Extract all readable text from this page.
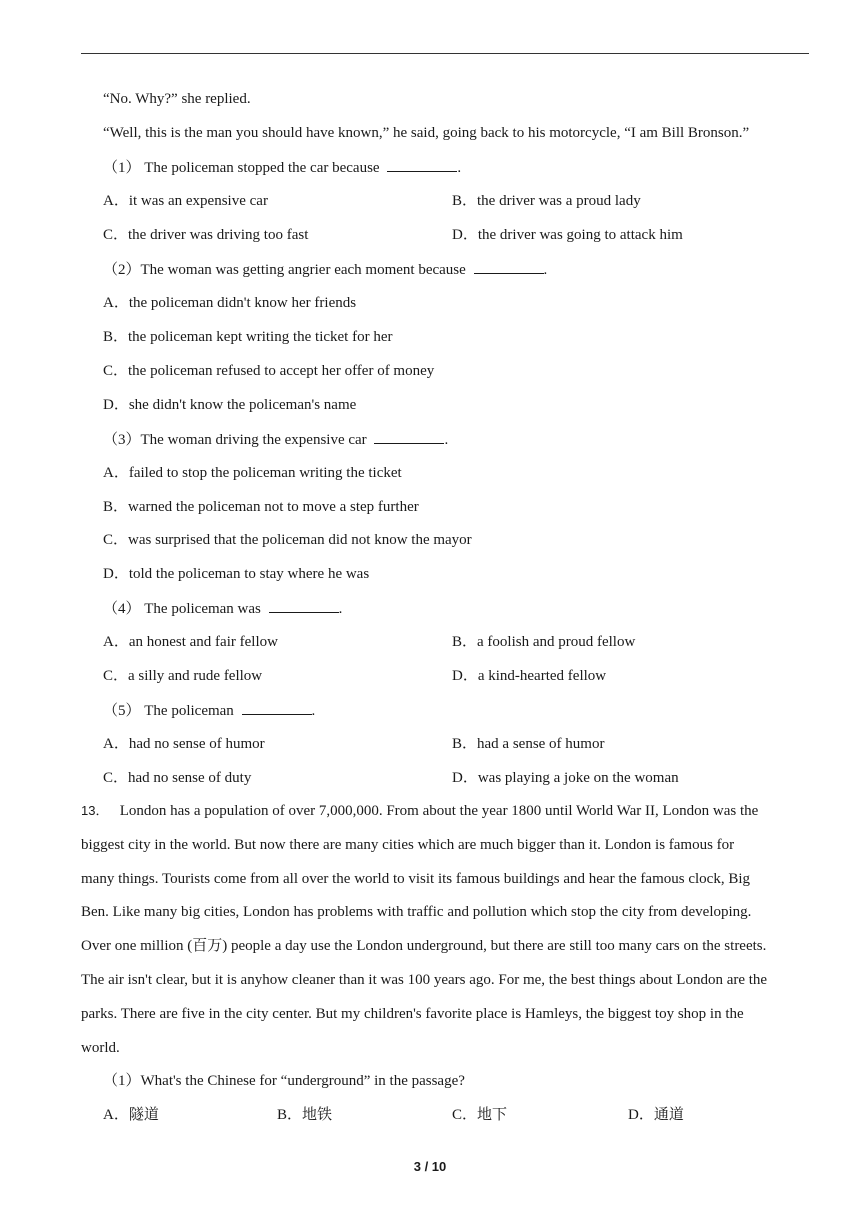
“No. Why?” she replied.
“Well, this is the man you should have known,” he said, going back to his motorcycle, “I am Bill Bronson.”
（1） The policeman stopped the car because	.
A．it was an expensive car	B．the driver was a proud lady
C．the driver was driving too fast	D．the driver was going to attack him
（2）The woman was getting angrier each moment because	.
A．the policeman didn't know her friends
B．the policeman kept writing the ticket for her
C．the policeman refused to accept her offer of money
D．she didn't know the policeman's name
（3）The woman driving the expensive car	.
A．failed to stop the policeman writing the ticket
B．warned the policeman not to move a step further
C．was surprised that the policeman did not know the mayor
D．told the policeman to stay where he was
（4） The policeman was	.
A．an honest and fair fellow	B．a foolish and proud fellow
C．a silly and rude fellow	D．a kind-hearted fellow
（5） The policeman	.
A．had no sense of humor	B．had a sense of humor
C．had no sense of duty	D．was playing a joke on the woman
13． London has a population of over 7,000,000. From about the year 1800 until World War II, London was the
biggest city in the world. But now there are many cities which are much bigger than it. London is famous for
many things. Tourists come from all over the world to visit its famous buildings and hear the famous clock, Big
Ben. Like many big cities, London has problems with traffic and pollution which stop the city from developing.
Over one million (百万) people a day use the London underground, but there are still too many cars on the streets.
The air isn't clear, but it is anyhow cleaner than it was 100 years ago. For me, the best things about London are the
parks. There are five in the city center. But my children's favorite place is Hamleys, the biggest toy shop in the
world.
（1）What's the Chinese for “underground” in the passage?
A．隧道	B．地铁	C．地下	D．通道
3 / 10
